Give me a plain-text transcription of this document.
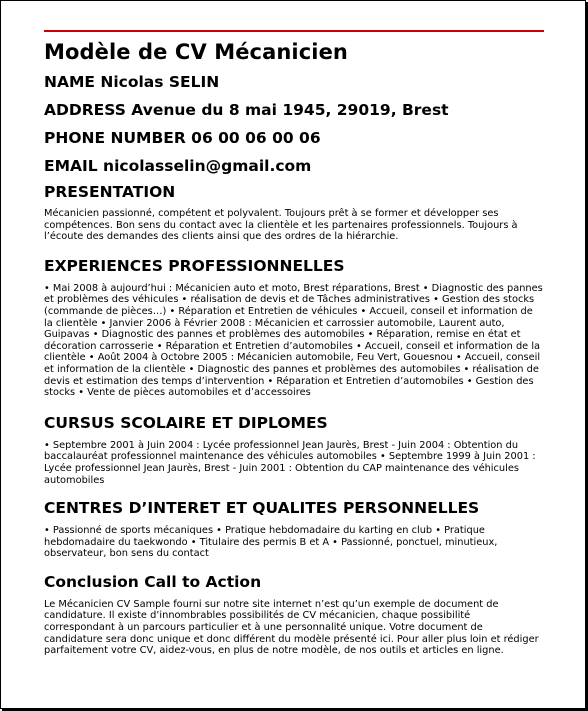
Modèle de CV Mécanicien
NAME Nicolas SELIN
ADDRESS Avenue du 8 mai 1945, 29019, Brest
PHONE NUMBER 06 00 06 00 06
EMAIL nicolasselin@gmail.com
PRESENTATION

Mécanicien passionné, compétent et polyvalent. Toujours prêt à se former et développer ses compétences. Bon sens du contact avec la clientèle et les partenaires professionnels. Toujours à l’écoute des demandes des clients ainsi que des ordres de la hiérarchie.

EXPERIENCES PROFESSIONNELLES

• Mai 2008 à aujourd’hui : Mécanicien auto et moto, Brest réparations, Brest • Diagnostic des pannes et problèmes des véhicules • réalisation de devis et de Tâches administratives • Gestion des stocks (commande de pièces…) • Réparation et Entretien de véhicules • Accueil, conseil et information de la clientèle • Janvier 2006 à Février 2008 : Mécanicien et carrossier automobile, Laurent auto, Guipavas • Diagnostic des pannes et problèmes des automobiles • Réparation, remise en état et décoration carrosserie • Réparation et Entretien d’automobiles • Accueil, conseil et information de la clientèle • Août 2004 à Octobre 2005 : Mécanicien automobile, Feu Vert, Gouesnou • Accueil, conseil et information de la clientèle • Diagnostic des pannes et problèmes des automobiles • réalisation de devis et estimation des temps d’intervention • Réparation et Entretien d’automobiles • Gestion des stocks • Vente de pièces automobiles et d’accessoires

CURSUS SCOLAIRE ET DIPLOMES

• Septembre 2001 à Juin 2004 : Lycée professionnel Jean Jaurès, Brest - Juin 2004 : Obtention du baccalauréat professionnel maintenance des véhicules automobiles • Septembre 1999 à Juin 2001 : Lycée professionnel Jean Jaurès, Brest - Juin 2001 : Obtention du CAP maintenance des véhicules automobiles

CENTRES D’INTERET ET QUALITES PERSONNELLES

• Passionné de sports mécaniques • Pratique hebdomadaire du karting en club • Pratique hebdomadaire du taekwondo • Titulaire des permis B et A • Passionné, ponctuel, minutieux, observateur, bon sens du contact

Conclusion Call to Action

Le Mécanicien CV Sample fourni sur notre site internet n’est qu’un exemple de document de candidature. Il existe d’innombrables possibilités de CV mécanicien, chaque possibilité correspondant à un parcours particulier et à une personnalité unique. Votre document de candidature sera donc unique et donc différent du modèle présenté ici. Pour aller plus loin et rédiger parfaitement votre CV, aidez-vous, en plus de notre modèle, de nos outils et articles en ligne.
